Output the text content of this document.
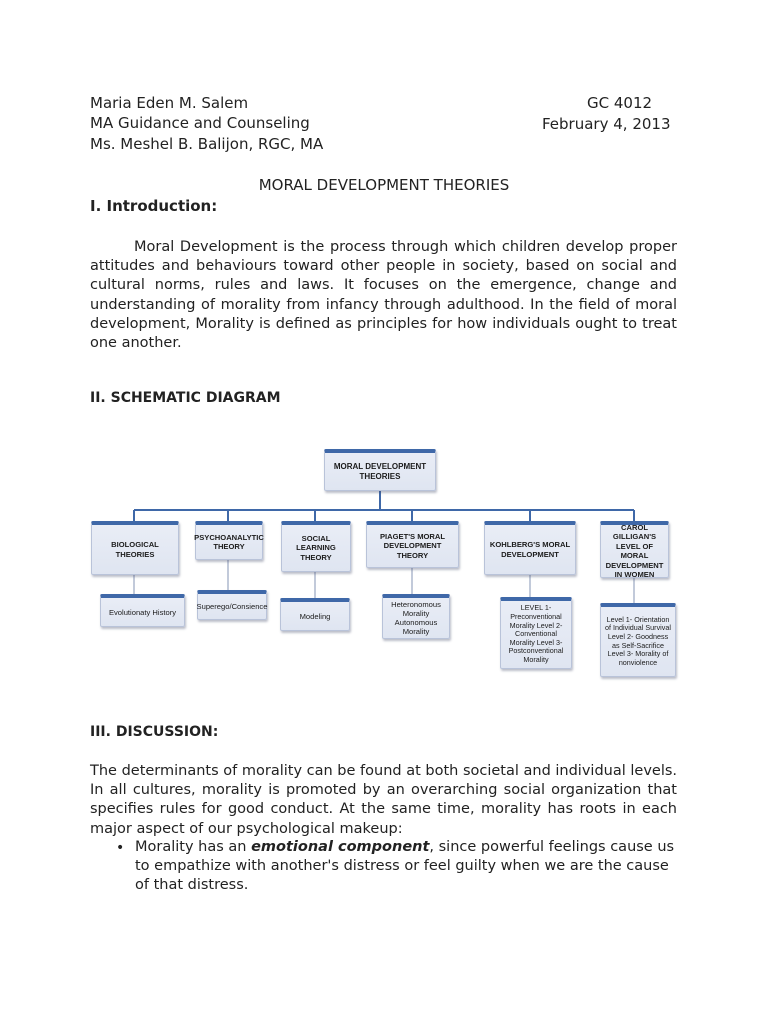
Maria Eden M. Salem
MA Guidance and Counseling
Ms. Meshel B. Balijon, RGC, MA
GC 4012
February 4, 2013
MORAL DEVELOPMENT THEORIES
I. Introduction:
Moral Development is the process through which children develop proper attitudes and behaviours toward other people in society, based on social and cultural norms, rules and laws. It focuses on the emergence, change and understanding of morality from infancy through adulthood. In the field of moral development, Morality is defined as principles for how individuals ought to treat one another.
II. SCHEMATIC DIAGRAM
MORAL DEVELOPMENT THEORIES
BIOLOGICAL THEORIES
PSYCHOANALYTIC THEORY
SOCIAL LEARNING THEORY
PIAGET'S MORAL DEVELOPMENT THEORY
KOHLBERG'S MORAL DEVELOPMENT
CAROL GILLIGAN'S LEVEL OF MORAL DEVELOPMENT IN WOMEN
Evolutionaty History
Superego/Consience
Modeling
Heteronomous Morality Autonomous Morality
LEVEL 1- Preconventional Morality Level 2- Conventional Morality Level 3- Postconventional Morality
Level 1- Orientation of Individual Survival Level 2- Goodness as Self-Sacrifice Level 3- Morality of nonviolence
III. DISCUSSION:
The determinants of morality can be found at both societal and individual levels. In all cultures, morality is promoted by an overarching social organization that specifies rules for good conduct. At the same time, morality has roots in each major aspect of our psychological makeup:
• Morality has an emotional component, since powerful feelings cause us to empathize with another's distress or feel guilty when we are the cause of that distress.
